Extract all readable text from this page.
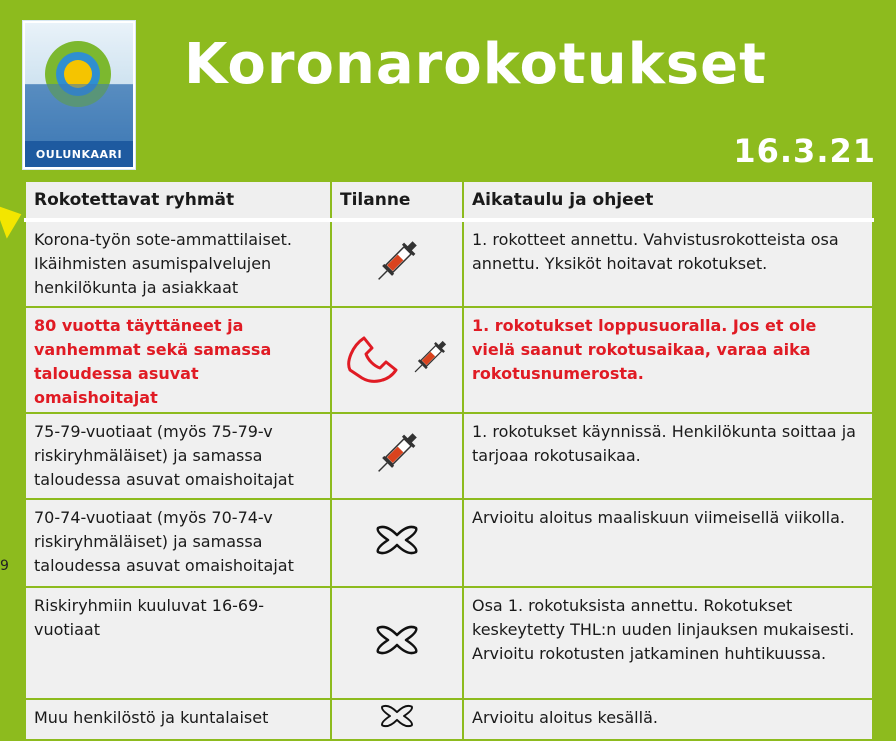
OULUNKAARI
Koronarokotukset
16.3.21
9
Rokotettavat ryhmät	Tilanne	Aikataulu ja ohjeet
Korona-työn sote-ammattilaiset. Ikäihmisten asumispalvelujen henkilökunta ja asiakkaat		1. rokotteet annettu. Vahvistusrokotteista osa annettu. Yksiköt hoitavat rokotukset.
80 vuotta täyttäneet ja vanhemmat sekä samassa taloudessa asuvat omaishoitajat		1. rokotukset loppusuoralla. Jos et ole vielä saanut rokotusaikaa, varaa aika rokotusnumerosta.
75-79-vuotiaat (myös 75-79-v riskiryhmäläiset) ja samassa taloudessa asuvat omaishoitajat		1. rokotukset käynnissä. Henkilökunta soittaa ja tarjoaa rokotusaikaa.
70-74-vuotiaat (myös 70-74-v riskiryhmäläiset) ja samassa taloudessa asuvat omaishoitajat		Arvioitu aloitus maaliskuun viimeisellä viikolla.
Riskiryhmiin kuuluvat 16-69-vuotiaat		Osa 1. rokotuksista annettu. Rokotukset keskeytetty THL:n uuden linjauksen mukaisesti. Arvioitu rokotusten jatkaminen huhtikuussa.
Muu henkilöstö ja kuntalaiset		Arvioitu aloitus kesällä.
